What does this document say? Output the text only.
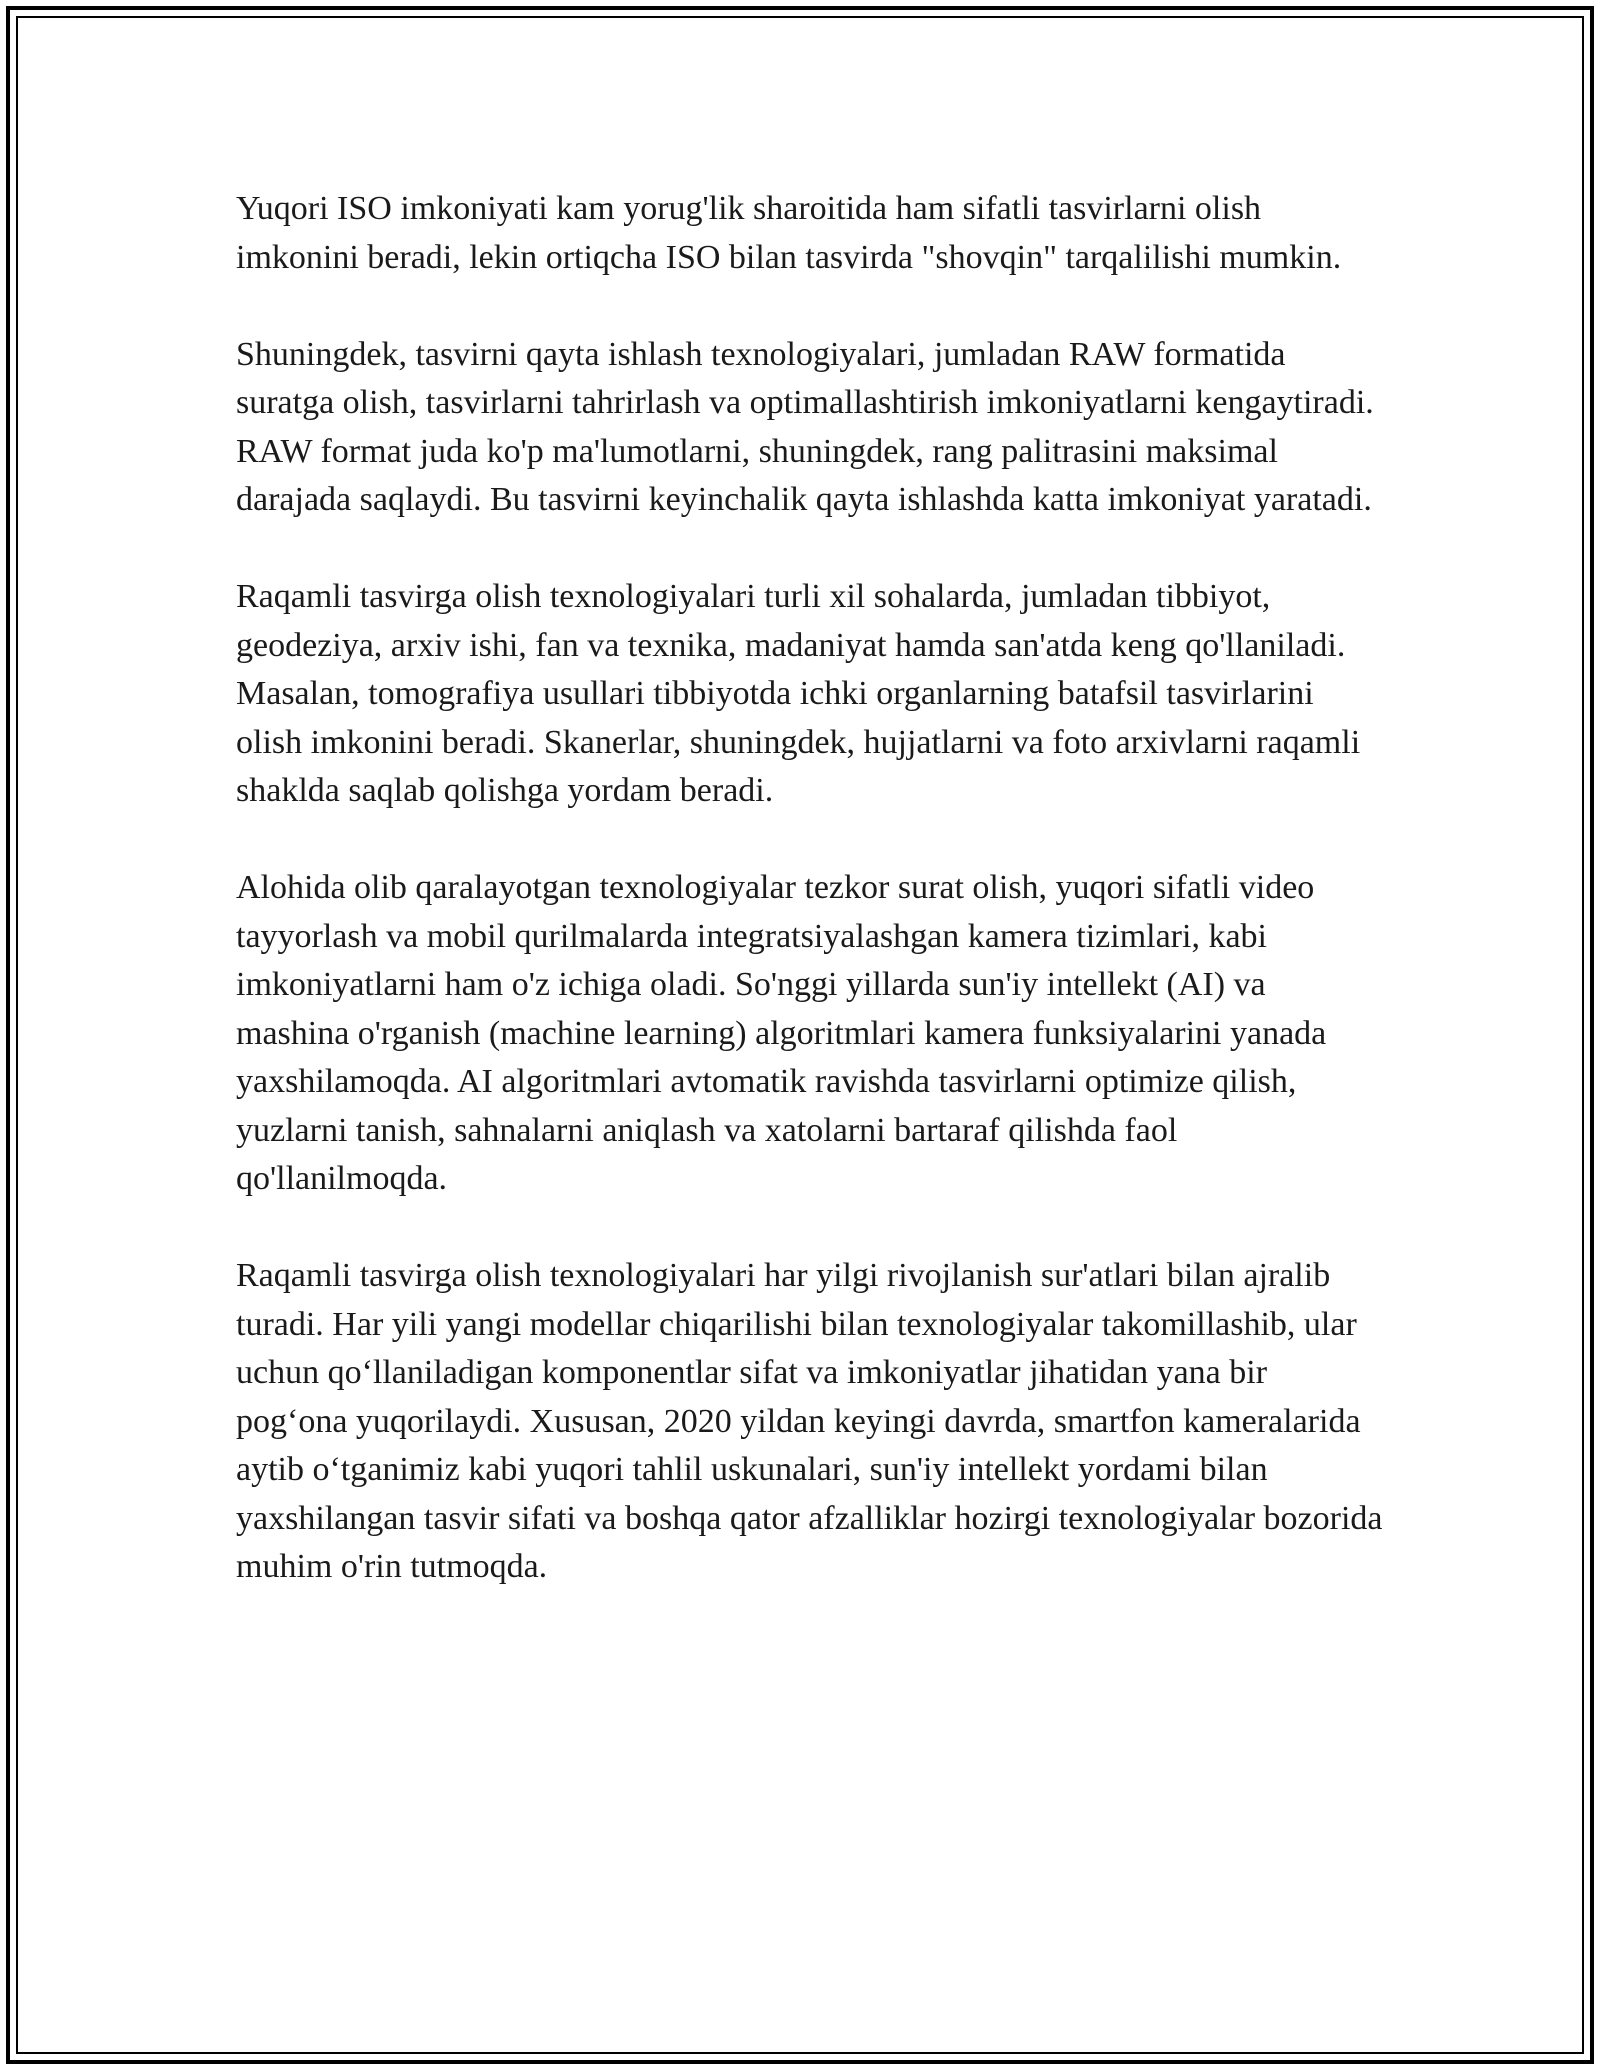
Yuqori ISO imkoniyati kam yorug'lik sharoitida ham sifatli tasvirlarni olish imkonini beradi, lekin ortiqcha ISO bilan tasvirda "shovqin" tarqalilishi mumkin.

Shuningdek, tasvirni qayta ishlash texnologiyalari, jumladan RAW formatida suratga olish, tasvirlarni tahrirlash va optimallashtirish imkoniyatlarni kengaytiradi. RAW format juda ko'p ma'lumotlarni, shuningdek, rang palitrasini maksimal darajada saqlaydi. Bu tasvirni keyinchalik qayta ishlashda katta imkoniyat yaratadi.

Raqamli tasvirga olish texnologiyalari turli xil sohalarda, jumladan tibbiyot, geodeziya, arxiv ishi, fan va texnika, madaniyat hamda san'atda keng qo'llaniladi. Masalan, tomografiya usullari tibbiyotda ichki organlarning batafsil tasvirlarini olish imkonini beradi. Skanerlar, shuningdek, hujjatlarni va foto arxivlarni raqamli shaklda saqlab qolishga yordam beradi.

Alohida olib qaralayotgan texnologiyalar tezkor surat olish, yuqori sifatli video tayyorlash va mobil qurilmalarda integratsiyalashgan kamera tizimlari, kabi imkoniyatlarni ham o'z ichiga oladi. So'nggi yillarda sun'iy intellekt (AI) va mashina o'rganish (machine learning) algoritmlari kamera funksiyalarini yanada yaxshilamoqda. AI algoritmlari avtomatik ravishda tasvirlarni optimize qilish, yuzlarni tanish, sahnalarni aniqlash va xatolarni bartaraf qilishda faol qo'llanilmoqda.

Raqamli tasvirga olish texnologiyalari har yilgi rivojlanish sur'atlari bilan ajralib turadi. Har yili yangi modellar chiqarilishi bilan texnologiyalar takomillashib, ular uchun qo‘llaniladigan komponentlar sifat va imkoniyatlar jihatidan yana bir pog‘ona yuqorilaydi. Xususan, 2020 yildan keyingi davrda, smartfon kameralarida aytib o‘tganimiz kabi yuqori tahlil uskunalari, sun'iy intellekt yordami bilan yaxshilangan tasvir sifati va boshqa qator afzalliklar hozirgi texnologiyalar bozorida muhim o'rin tutmoqda.
